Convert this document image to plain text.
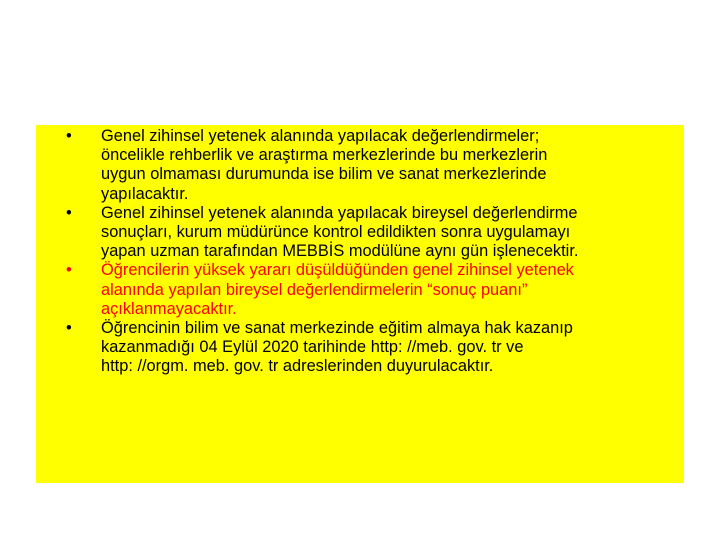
• Genel zihinsel yetenek alanında yapılacak değerlendirmeler;
öncelikle rehberlik ve araştırma merkezlerinde bu merkezlerin
uygun olmaması durumunda ise bilim ve sanat merkezlerinde
yapılacaktır.
• Genel zihinsel yetenek alanında yapılacak bireysel değerlendirme
sonuçları, kurum müdürünce kontrol edildikten sonra uygulamayı
yapan uzman tarafından MEBBİS modülüne aynı gün işlenecektir.
• Öğrencilerin yüksek yararı düşüldüğünden genel zihinsel yetenek
alanında yapılan bireysel değerlendirmelerin “sonuç puanı”
açıklanmayacaktır.
• Öğrencinin bilim ve sanat merkezinde eğitim almaya hak kazanıp
kazanmadığı 04 Eylül 2020 tarihinde http: //meb. gov. tr ve
http: //orgm. meb. gov. tr adreslerinden duyurulacaktır.
